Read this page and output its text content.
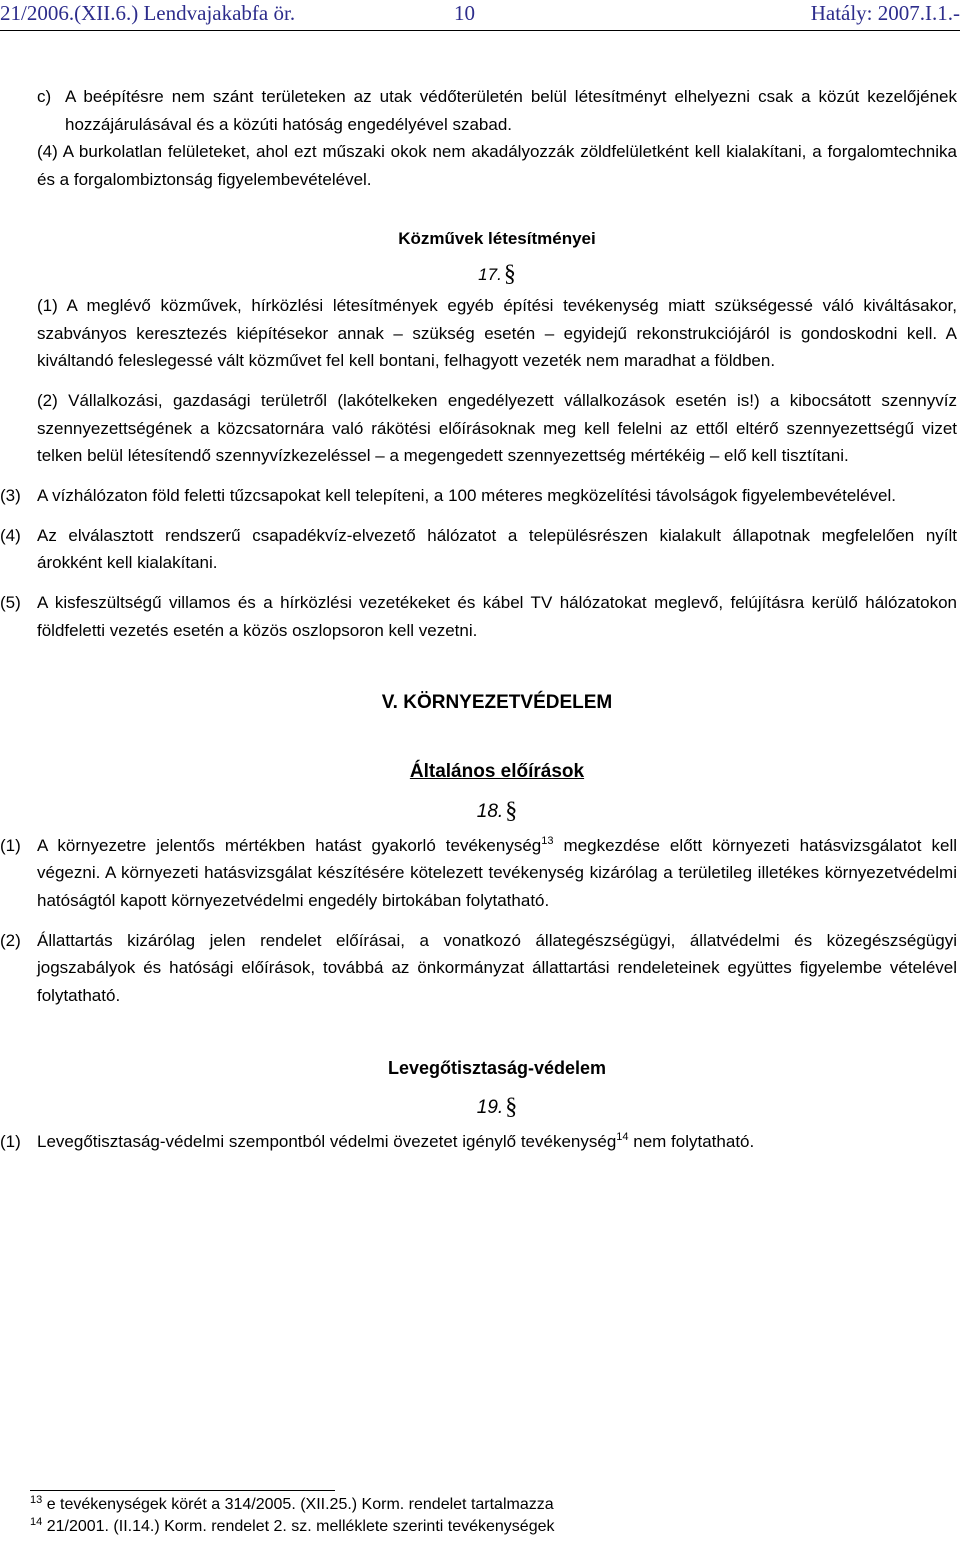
21/2006.(XII.6.) Lendvajakabfa ör.	10	Hatály: 2007.I.1.-

c) A beépítésre nem szánt területeken az utak védőterületén belül létesítményt elhelyezni csak a közút kezelőjének hozzájárulásával és a közúti hatóság engedélyével szabad.

(4) A burkolatlan felületeket, ahol ezt műszaki okok nem akadályozzák zöldfelületként kell kialakítani, a forgalomtechnika és a forgalombiztonság figyelembevételével.

Közművek létesítményei

17.§

(1) A meglévő közművek, hírközlési létesítmények egyéb építési tevékenység miatt szükségessé váló kiváltásakor, szabványos keresztezés kiépítésekor annak – szükség esetén – egyidejű rekonstrukciójáról is gondoskodni kell. A kiváltandó feleslegessé vált közművet fel kell bontani, felhagyott vezeték nem maradhat a földben.

(2) Vállalkozási, gazdasági területről (lakótelkeken engedélyezett vállalkozások esetén is!) a kibocsátott szennyvíz szennyezettségének a közcsatornára való rákötési előírásoknak meg kell felelni az ettől eltérő szennyezettségű vizet telken belül létesítendő szennyvízkezeléssel – a megengedett szennyezettség mértékéig – elő kell tisztítani.

(3) A vízhálózaton föld feletti tűzcsapokat kell telepíteni, a 100 méteres megközelítési távolságok figyelembevételével.

(4) Az elválasztott rendszerű csapadékvíz-elvezető hálózatot a településrészen kialakult állapotnak megfelelően nyílt árokként kell kialakítani.

(5) A kisfeszültségű villamos és a hírközlési vezetékeket és kábel TV hálózatokat meglevő, felújításra kerülő hálózatokon földfeletti vezetés esetén a közös oszlopsoron kell vezetni.

V. KÖRNYEZETVÉDELEM

Általános előírások

18.§

(1) A környezetre jelentős mértékben hatást gyakorló tevékenység$^{13}$ megkezdése előtt környezeti hatásvizsgálatot kell végezni. A környezeti hatásvizsgálat készítésére kötelezett tevékenység kizárólag a területileg illetékes környezetvédelmi hatóságtól kapott környezetvédelmi engedély birtokában folytatható.

(2) Állattartás kizárólag jelen rendelet előírásai, a vonatkozó állategészségügyi, állatvédelmi és közegészségügyi jogszabályok és hatósági előírások, továbbá az önkormányzat állattartási rendeleteinek együttes figyelembe vételével folytatható.

Levegőtisztaság-védelem

19.§

(1) Levegőtisztaság-védelmi szempontból védelmi övezetet igénylő tevékenység$^{14}$ nem folytatható.

$^{13}$ e tevékenységek körét a 314/2005. (XII.25.) Korm. rendelet tartalmazza
$^{14}$ 21/2001. (II.14.) Korm. rendelet 2. sz. melléklete szerinti tevékenységek
